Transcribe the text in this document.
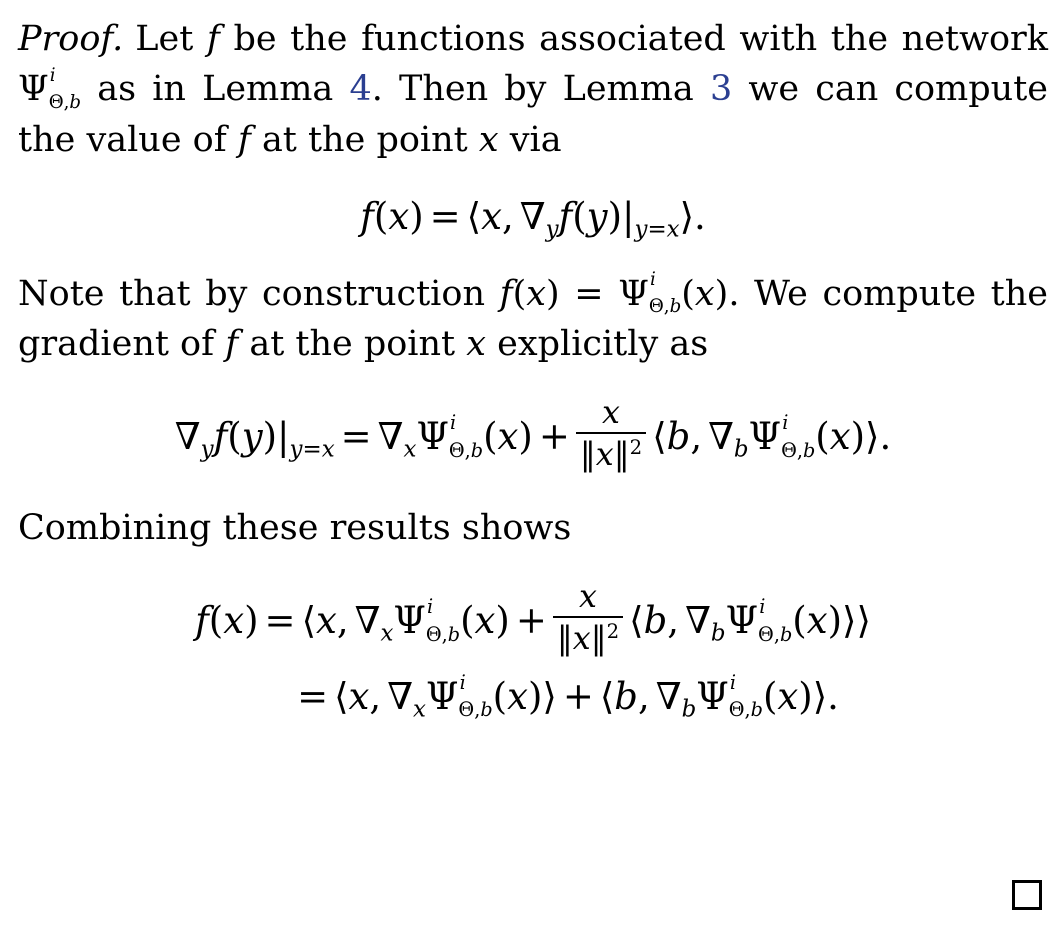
Proof. Let f be the functions associated with the network Ψ i
Θ,b as in Lemma 4. Then by Lemma 3 we can compute the value of f at the point x via
f(x) = ⟨x, ∇yf(y)|y=x⟩.
Note that by construction f(x) = Ψ i
Θ,b (x). We compute the gradient of f at the point x explicitly as
∇yf(y)|y=x = ∇xΨ i
Θ,b $(x) + \frac{x}{‖x‖^2}$ ⟨b, ∇bΨ i
Θ,b (x)⟩.
Combining these results shows
f(x) = ⟨x, ∇xΨ i
Θ,b $(x) + \frac{x}{‖x‖^2}$ ⟨b, ∇bΨ i
Θ,b (x)⟩⟩
= ⟨x, ∇xΨ i
Θ,b (x)⟩ + ⟨b, ∇bΨ i
Θ,b (x)⟩.
